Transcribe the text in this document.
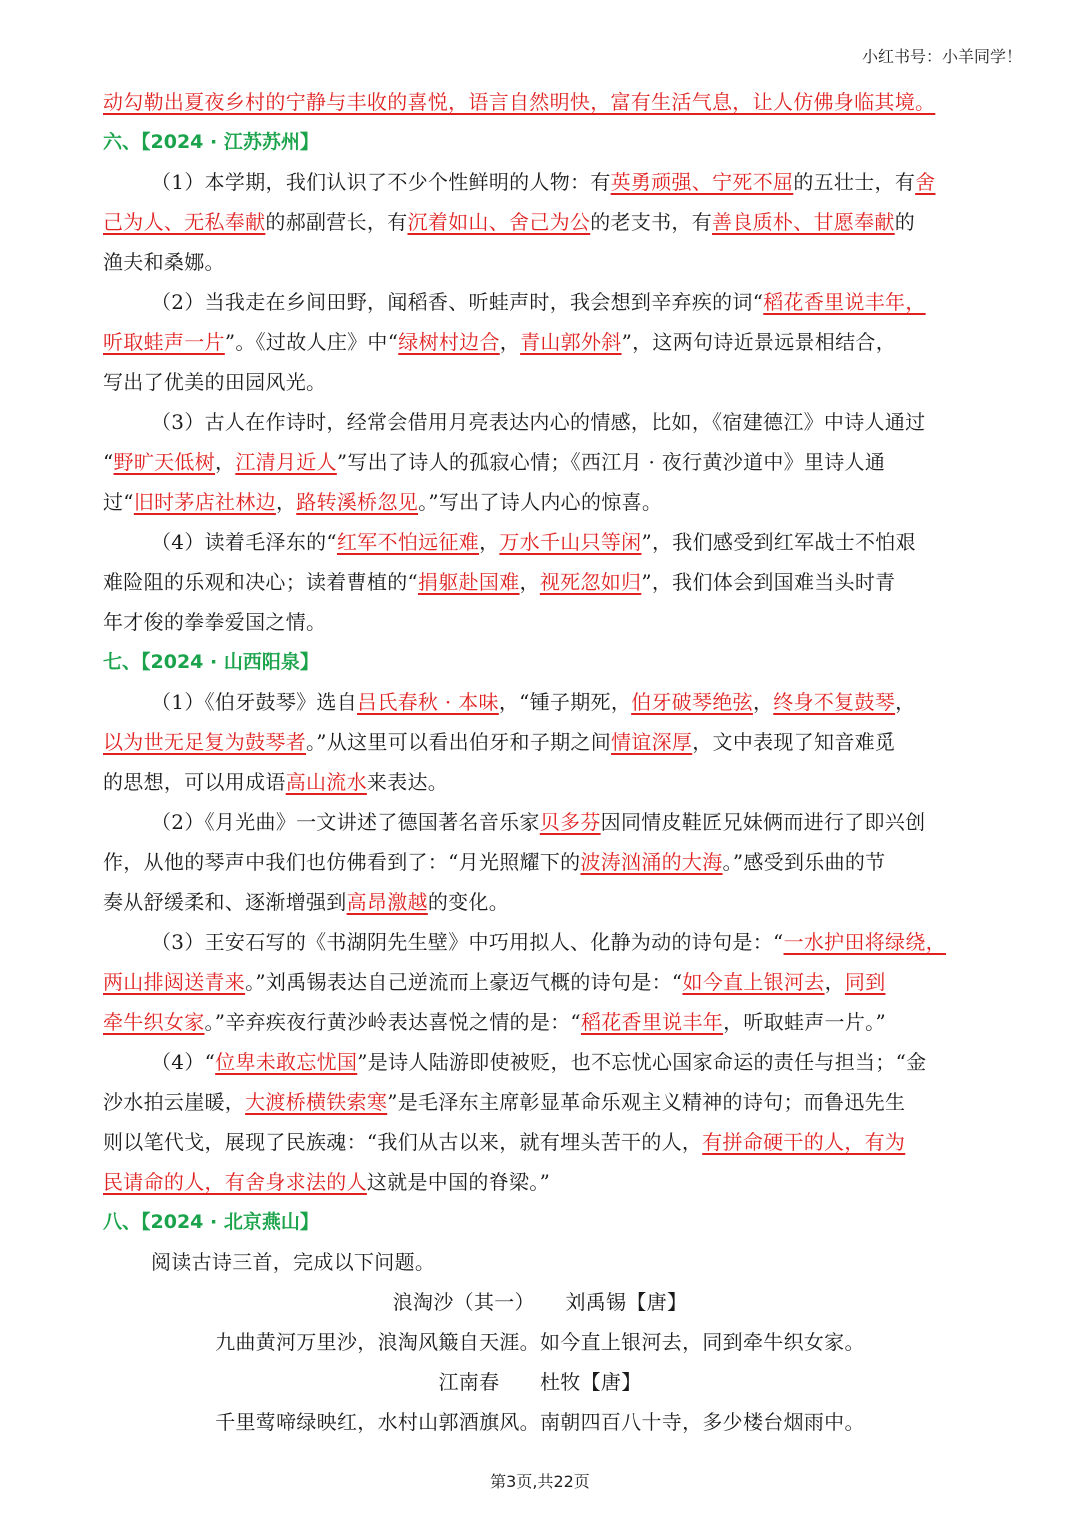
小红书号：小羊同学！
动勾勒出夏夜乡村的宁静与丰收的喜悦，语言自然明快，富有生活气息，让人仿佛身临其境。
六、【2024 · 江苏苏州】
（1）本学期，我们认识了不少个性鲜明的人物：有英勇顽强、宁死不屈的五壮士，有舍
己为人、无私奉献的郝副营长，有沉着如山、舍己为公的老支书，有善良质朴、甘愿奉献的
渔夫和桑娜。
（2）当我走在乡间田野，闻稻香、听蛙声时，我会想到辛弃疾的词“稻花香里说丰年，
听取蛙声一片”。《过故人庄》中“绿树村边合，青山郭外斜”，这两句诗近景远景相结合，
写出了优美的田园风光。
（3）古人在作诗时，经常会借用月亮表达内心的情感，比如，《宿建德江》中诗人通过
“野旷天低树，江清月近人”写出了诗人的孤寂心情；《西江月 · 夜行黄沙道中》里诗人通
过“旧时茅店社林边，路转溪桥忽见。”写出了诗人内心的惊喜。
（4）读着毛泽东的“红军不怕远征难，万水千山只等闲”，我们感受到红军战士不怕艰
难险阻的乐观和决心；读着曹植的“捐躯赴国难，视死忽如归”，我们体会到国难当头时青
年才俊的拳拳爱国之情。
七、【2024 · 山西阳泉】
（1）《伯牙鼓琴》选自吕氏春秋 · 本味，“锺子期死，伯牙破琴绝弦，终身不复鼓琴，
以为世无足复为鼓琴者。”从这里可以看出伯牙和子期之间情谊深厚，文中表现了知音难觅
的思想，可以用成语高山流水来表达。
（2）《月光曲》一文讲述了德国著名音乐家贝多芬因同情皮鞋匠兄妹俩而进行了即兴创
作，从他的琴声中我们也仿佛看到了：“月光照耀下的波涛汹涌的大海。”感受到乐曲的节
奏从舒缓柔和、逐渐增强到高昂激越的变化。
（3）王安石写的《书湖阴先生壁》中巧用拟人、化静为动的诗句是：“一水护田将绿绕，
两山排闼送青来。”刘禹锡表达自己逆流而上豪迈气概的诗句是：“如今直上银河去，同到
牵牛织女家。”辛弃疾夜行黄沙岭表达喜悦之情的是：“稻花香里说丰年，听取蛙声一片。”
（4）“位卑未敢忘忧国”是诗人陆游即使被贬，也不忘忧心国家命运的责任与担当；“金
沙水拍云崖暖，大渡桥横铁索寒”是毛泽东主席彰显革命乐观主义精神的诗句；而鲁迅先生
则以笔代戈，展现了民族魂：“我们从古以来，就有埋头苦干的人，有拼命硬干的人，有为
民请命的人，有舍身求法的人这就是中国的脊梁。”
八、【2024 · 北京燕山】
阅读古诗三首，完成以下问题。
浪淘沙（其一）　　刘禹锡【唐】
九曲黄河万里沙，浪淘风簸自天涯。如今直上银河去，同到牵牛织女家。
江南春　　杜牧【唐】
千里莺啼绿映红，水村山郭酒旗风。南朝四百八十寺，多少楼台烟雨中。
第3页,共22页
